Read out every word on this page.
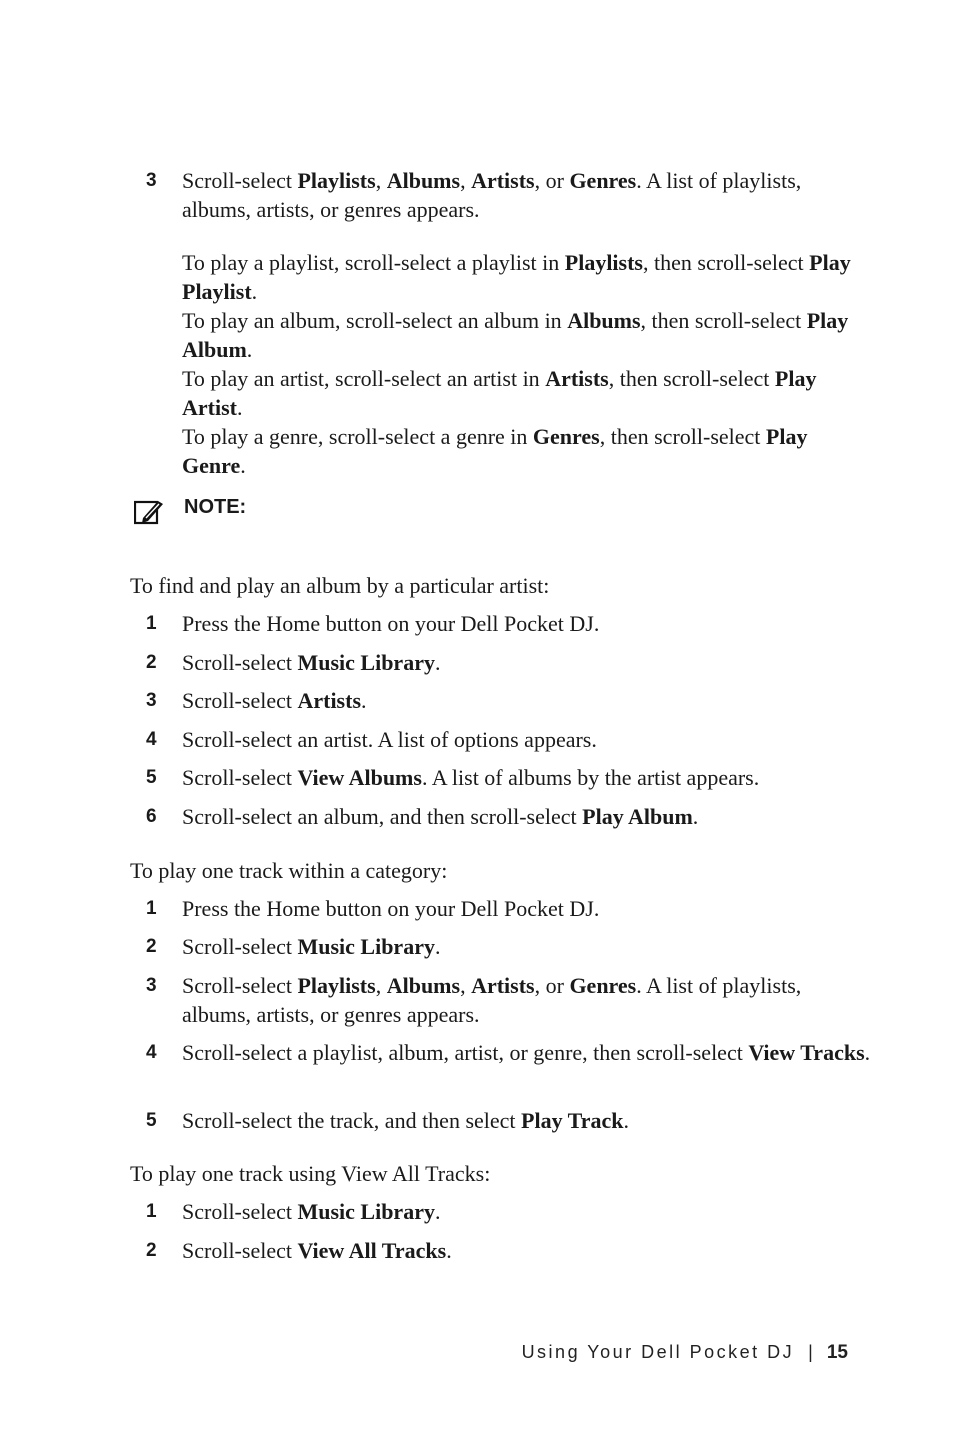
3	Scroll-select Playlists, Albums, Artists, or Genres. A list of playlists, albums, artists, or genres appears.
To play a playlist, scroll-select a playlist in Playlists, then scroll-select Play Playlist.
To play an album, scroll-select an album in Albums, then scroll-select Play Album.
To play an artist, scroll-select an artist in Artists, then scroll-select Play Artist.
To play a genre, scroll-select a genre in Genres, then scroll-select Play Genre.
NOTE:
To find and play an album by a particular artist:
1	Press the Home button on your Dell Pocket DJ.
2	Scroll-select Music Library.
3	Scroll-select Artists.
4	Scroll-select an artist. A list of options appears.
5	Scroll-select View Albums. A list of albums by the artist appears.
6	Scroll-select an album, and then scroll-select Play Album.
To play one track within a category:
1	Press the Home button on your Dell Pocket DJ.
2	Scroll-select Music Library.
3	Scroll-select Playlists, Albums, Artists, or Genres. A list of playlists, albums, artists, or genres appears.
4	Scroll-select a playlist, album, artist, or genre, then scroll-select View Tracks.
5	Scroll-select the track, and then select Play Track.
To play one track using View All Tracks:
1	Scroll-select Music Library.
2	Scroll-select View All Tracks.
Using Your Dell Pocket DJ | 15
